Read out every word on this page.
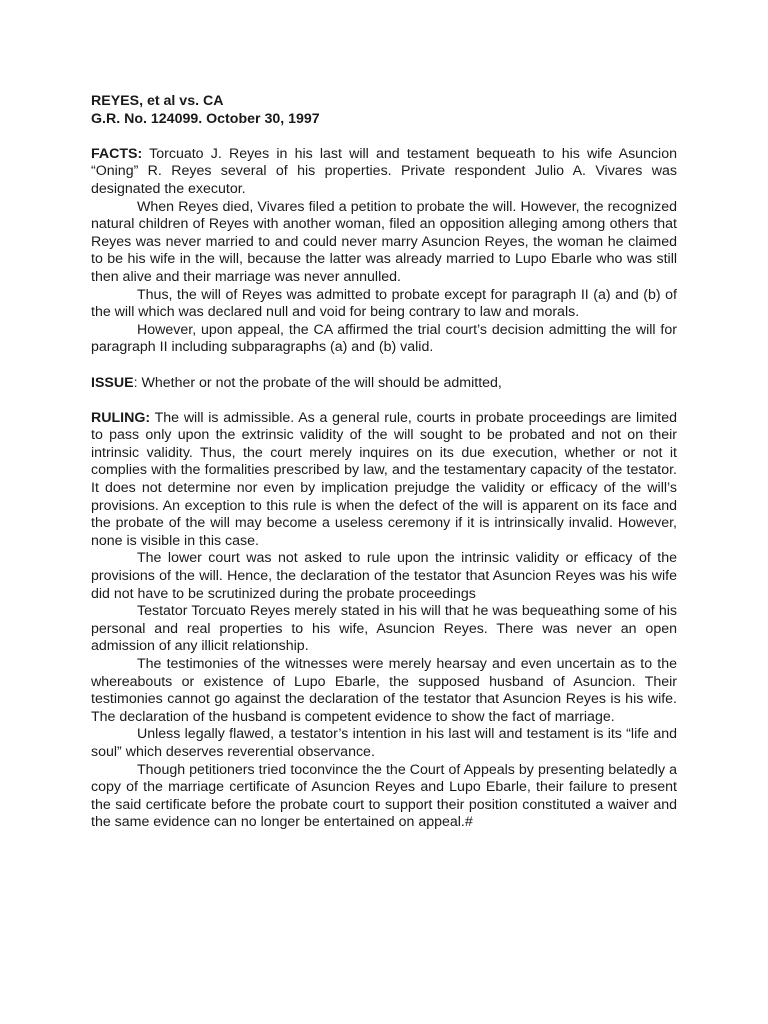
REYES, et al vs. CA

G.R. No. 124099. October 30, 1997

FACTS: Torcuato J. Reyes in his last will and testament bequeath to his wife Asuncion “Oning” R. Reyes several of his properties. Private respondent Julio A. Vivares was designated the executor.

When Reyes died, Vivares filed a petition to probate the will. However, the recognized natural children of Reyes with another woman, filed an opposition alleging among others that Reyes was never married to and could never marry Asuncion Reyes, the woman he claimed to be his wife in the will, because the latter was already married to Lupo Ebarle who was still then alive and their marriage was never annulled.

Thus, the will of Reyes was admitted to probate except for paragraph II (a) and (b) of the will which was declared null and void for being contrary to law and morals.

However, upon appeal, the CA affirmed the trial court’s decision admitting the will for paragraph II including subparagraphs (a) and (b) valid.

ISSUE: Whether or not the probate of the will should be admitted,

RULING: The will is admissible. As a general rule, courts in probate proceedings are limited to pass only upon the extrinsic validity of the will sought to be probated and not on their intrinsic validity. Thus, the court merely inquires on its due execution, whether or not it complies with the formalities prescribed by law, and the testamentary capacity of the testator. It does not determine nor even by implication prejudge the validity or efficacy of the will’s provisions. An exception to this rule is when the defect of the will is apparent on its face and the probate of the will may become a useless ceremony if it is intrinsically invalid. However, none is visible in this case.

The lower court was not asked to rule upon the intrinsic validity or efficacy of the provisions of the will. Hence, the declaration of the testator that Asuncion Reyes was his wife did not have to be scrutinized during the probate proceedings

Testator Torcuato Reyes merely stated in his will that he was bequeathing some of his personal and real properties to his wife, Asuncion Reyes. There was never an open admission of any illicit relationship.

The testimonies of the witnesses were merely hearsay and even uncertain as to the whereabouts or existence of Lupo Ebarle, the supposed husband of Asuncion. Their testimonies cannot go against the declaration of the testator that Asuncion Reyes is his wife. The declaration of the husband is competent evidence to show the fact of marriage.

Unless legally flawed, a testator’s intention in his last will and testament is its “life and soul” which deserves reverential observance.

Though petitioners tried toconvince the the Court of Appeals by presenting belatedly a copy of the marriage certificate of Asuncion Reyes and Lupo Ebarle, their failure to present the said certificate before the probate court to support their position constituted a waiver and the same evidence can no longer be entertained on appeal.#
